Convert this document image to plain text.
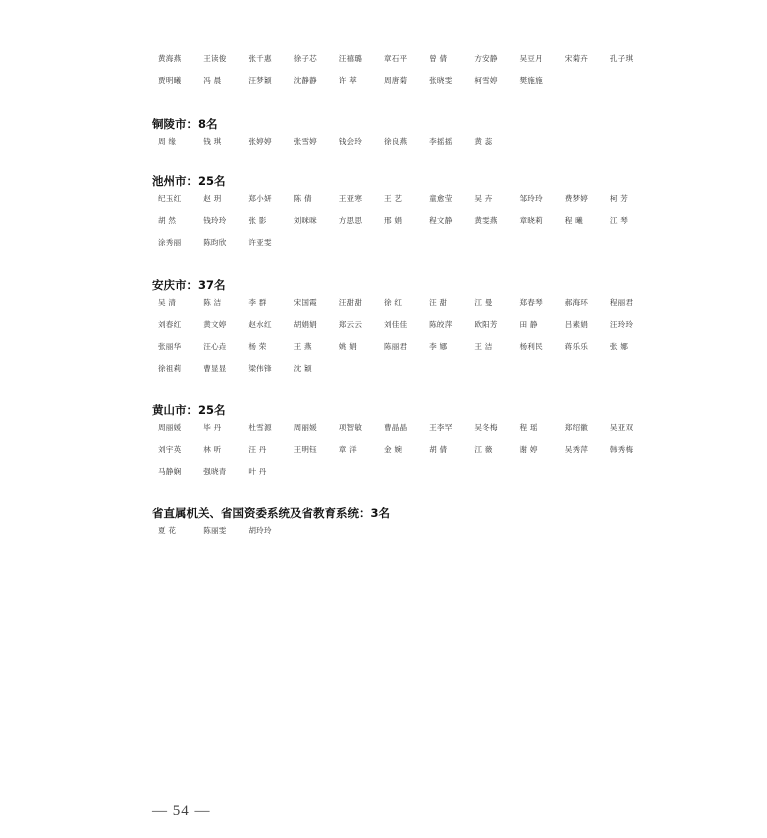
黄海燕	王读俊	张千惠	徐子芯	汪禧璐	章石平	曾 倩	方安静	吴豆月	宋菊卉	孔子琪
贾明曦	冯 晨	汪梦颖	沈静静	许 萃	周唐菊	张晓雯	柯雪婷	樊施施
铜陵市：8名
周 缘	钱 琪	张婷婷	张雪婷	钱会玲	徐良燕	李摇摇	黄 蕊
池州市：25名
纪玉红	赵 玥	郑小妍	陈 倩	王亚寒	王 艺	童愈莹	吴 卉	邹玲玲	费梦婷	柯 芳
胡 然	钱玲玲	张 影	刘咪咪	方思思	邢 娟	程文静	黄雯燕	章晓莉	程 曦	江 琴
涂秀丽	陈昀欣	许亚雯
安庆市：37名
吴 清	陈 洁	李 群	宋国霞	汪甜甜	徐 红	汪 甜	江 曼	郑春琴	郝海环	程丽君
刘春红	黄文婷	赵水红	胡娟娟	郑云云	刘佳佳	陈皎萍	欧阳芳	田 静	吕素娟	汪玲玲
张丽华	汪心垚	杨 荣	王 燕	姚 娟	陈丽君	李 娜	王 洁	杨利民	蒋乐乐	张 娜
徐祖莉	曹显显	梁伟锋	沈 颖
黄山市：25名
周丽媛	毕 丹	杜雪源	周丽媛	项智敏	曹晶晶	王李罕	吴冬梅	程 瑶	郑绍徽	吴亚双
刘宇英	林 听	汪 丹	王明钰	章 洋	金 婉	胡 倩	江 薇	谢 婷	吴秀萍	韩秀梅
马静娴	强晓青	叶 丹
省直属机关、省国资委系统及省教育系统：3名
夏 花	陈丽雯	胡玲玲
— 54 —
